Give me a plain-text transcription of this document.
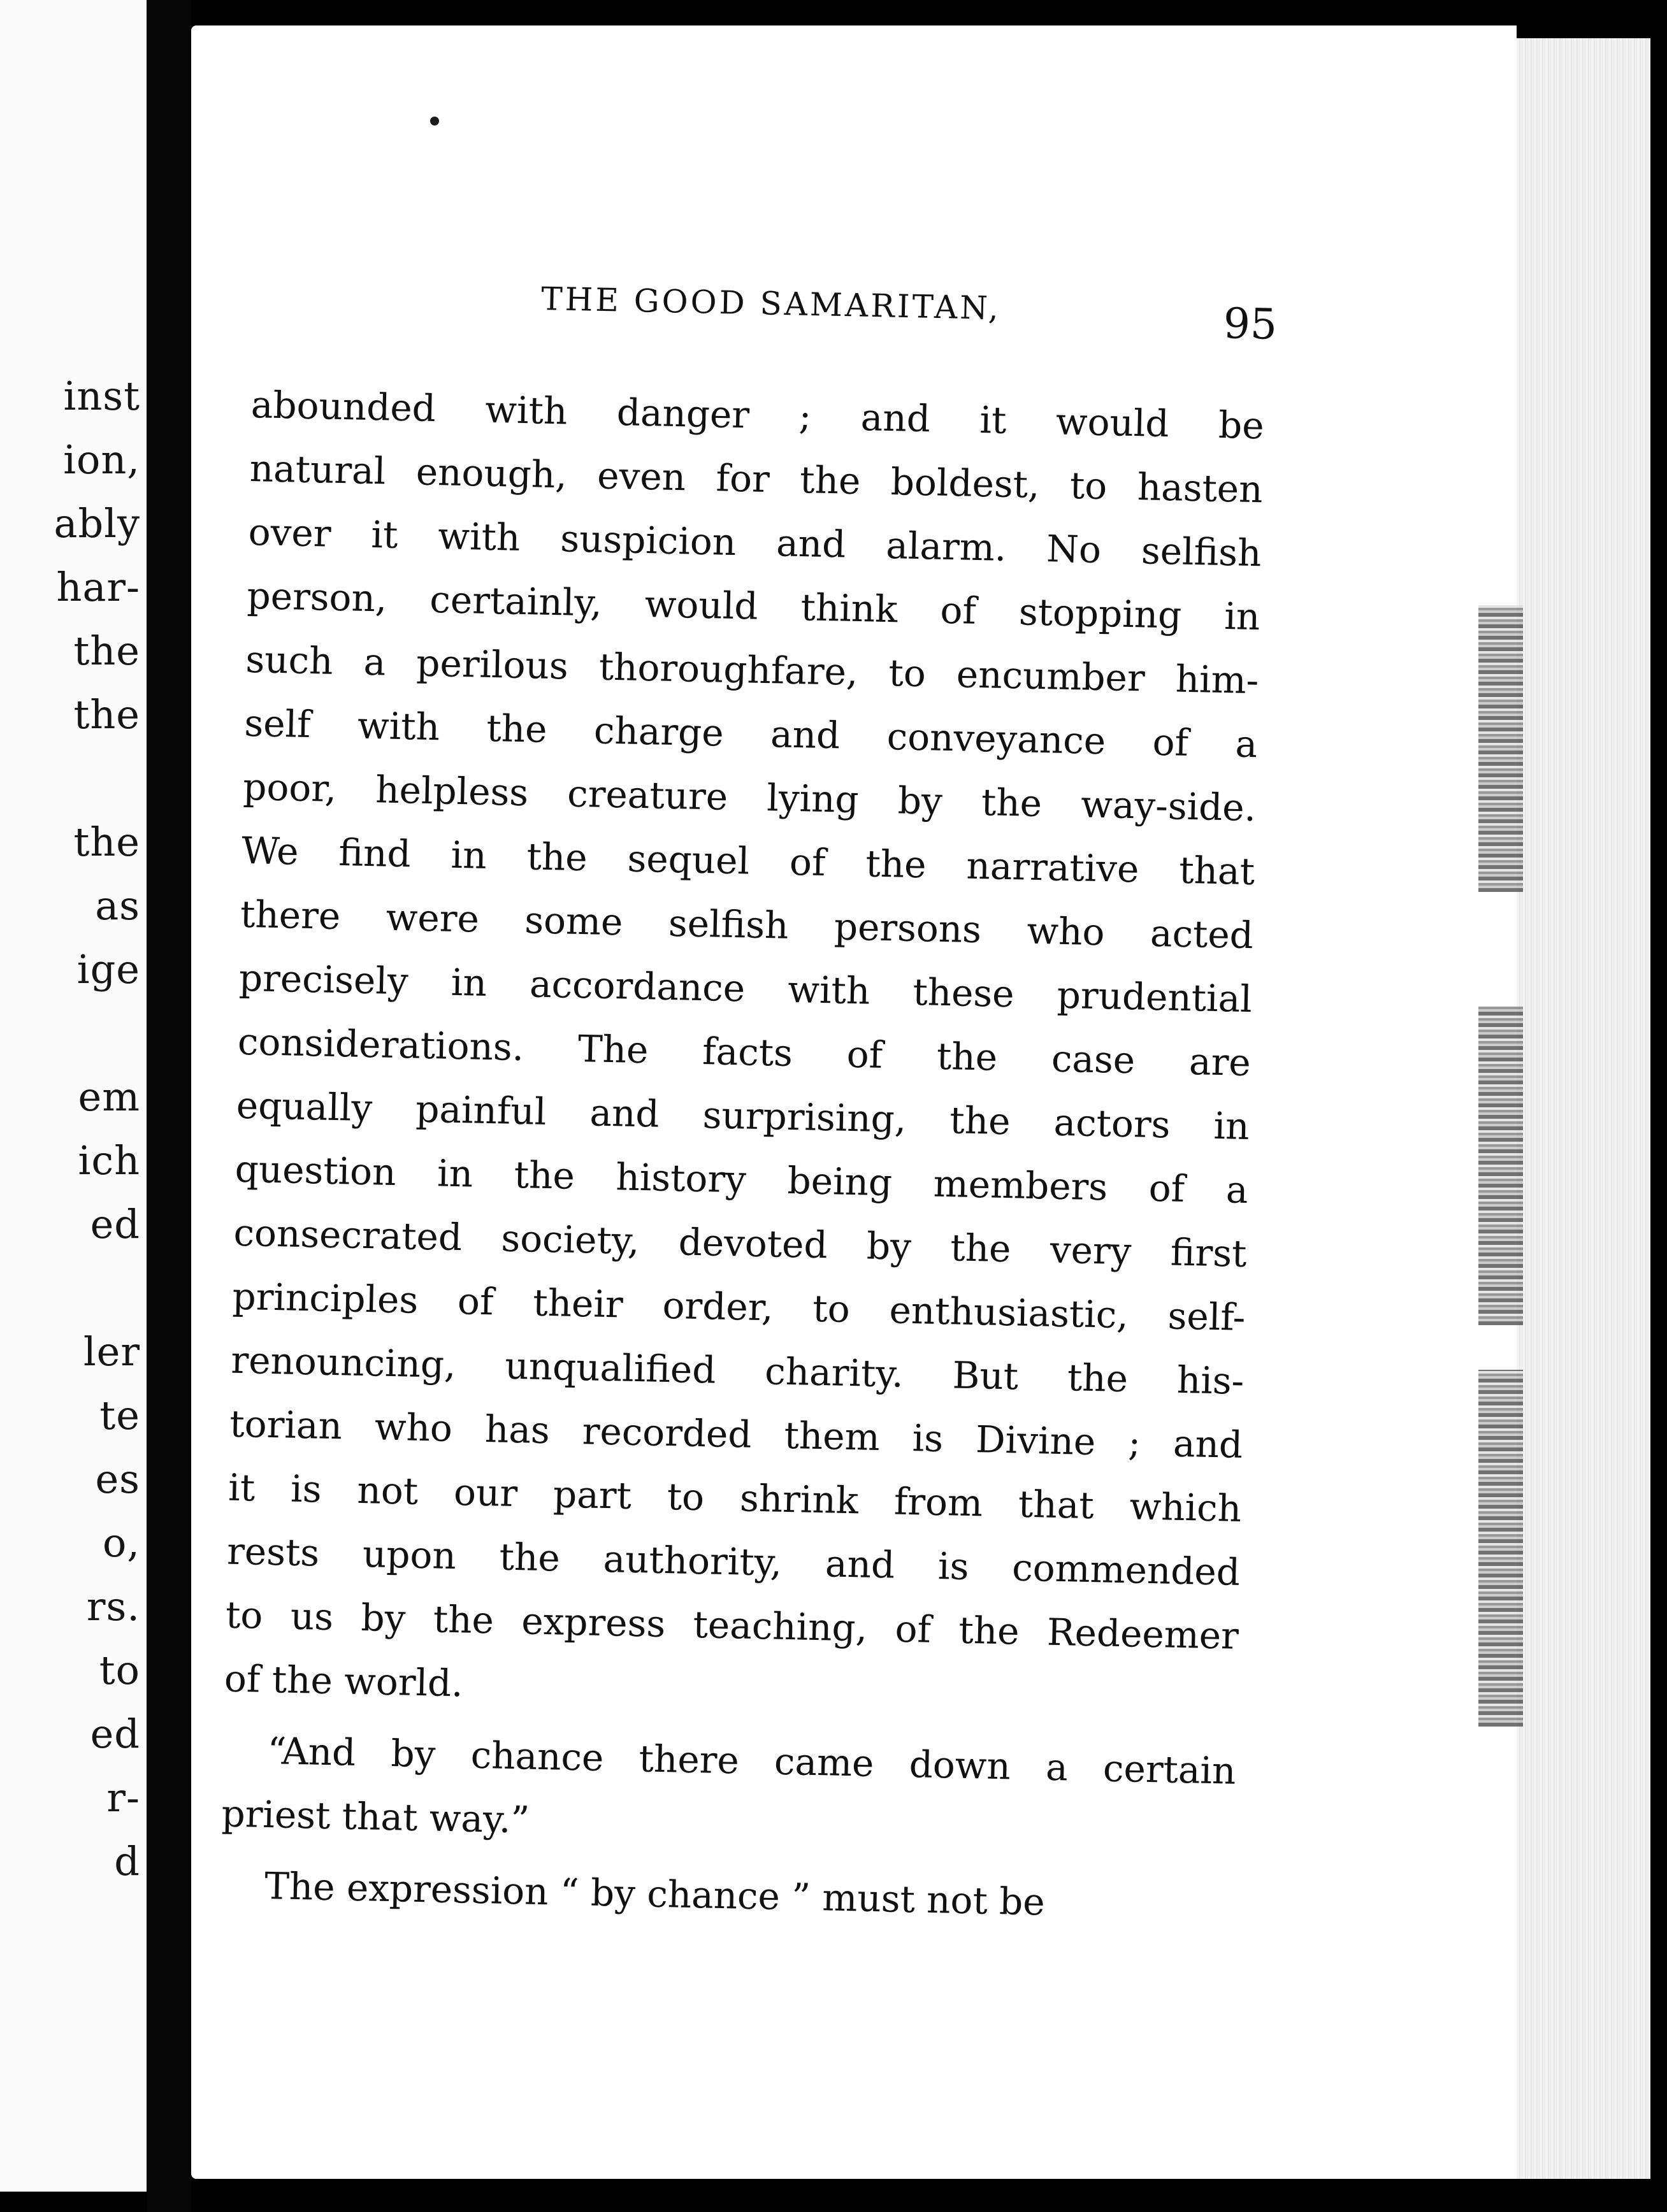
inst
ion,
ably
har-
the
the
the
as
ige
em
ich
ed
ler
te
es
o,
rs.
to
ed
r-
d
THE GOOD SAMARITAN,	95
abounded with danger ; and it would be
natural enough, even for the boldest, to hasten
over it with suspicion and alarm. No selfish
person, certainly, would think of stopping in
such a perilous thoroughfare, to encumber him-
self with the charge and conveyance of a
poor, helpless creature lying by the way-side.
We find in the sequel of the narrative that
there were some selfish persons who acted
precisely in accordance with these prudential
considerations. The facts of the case are
equally painful and surprising, the actors in
question in the history being members of a
consecrated society, devoted by the very first
principles of their order, to enthusiastic, self-
renouncing, unqualified charity. But the his-
torian who has recorded them is Divine ; and
it is not our part to shrink from that which
rests upon the authority, and is commended
to us by the express teaching, of the Redeemer
of the world.
“And by chance there came down a certain
priest that way.”
The expression “ by chance ” must not be
